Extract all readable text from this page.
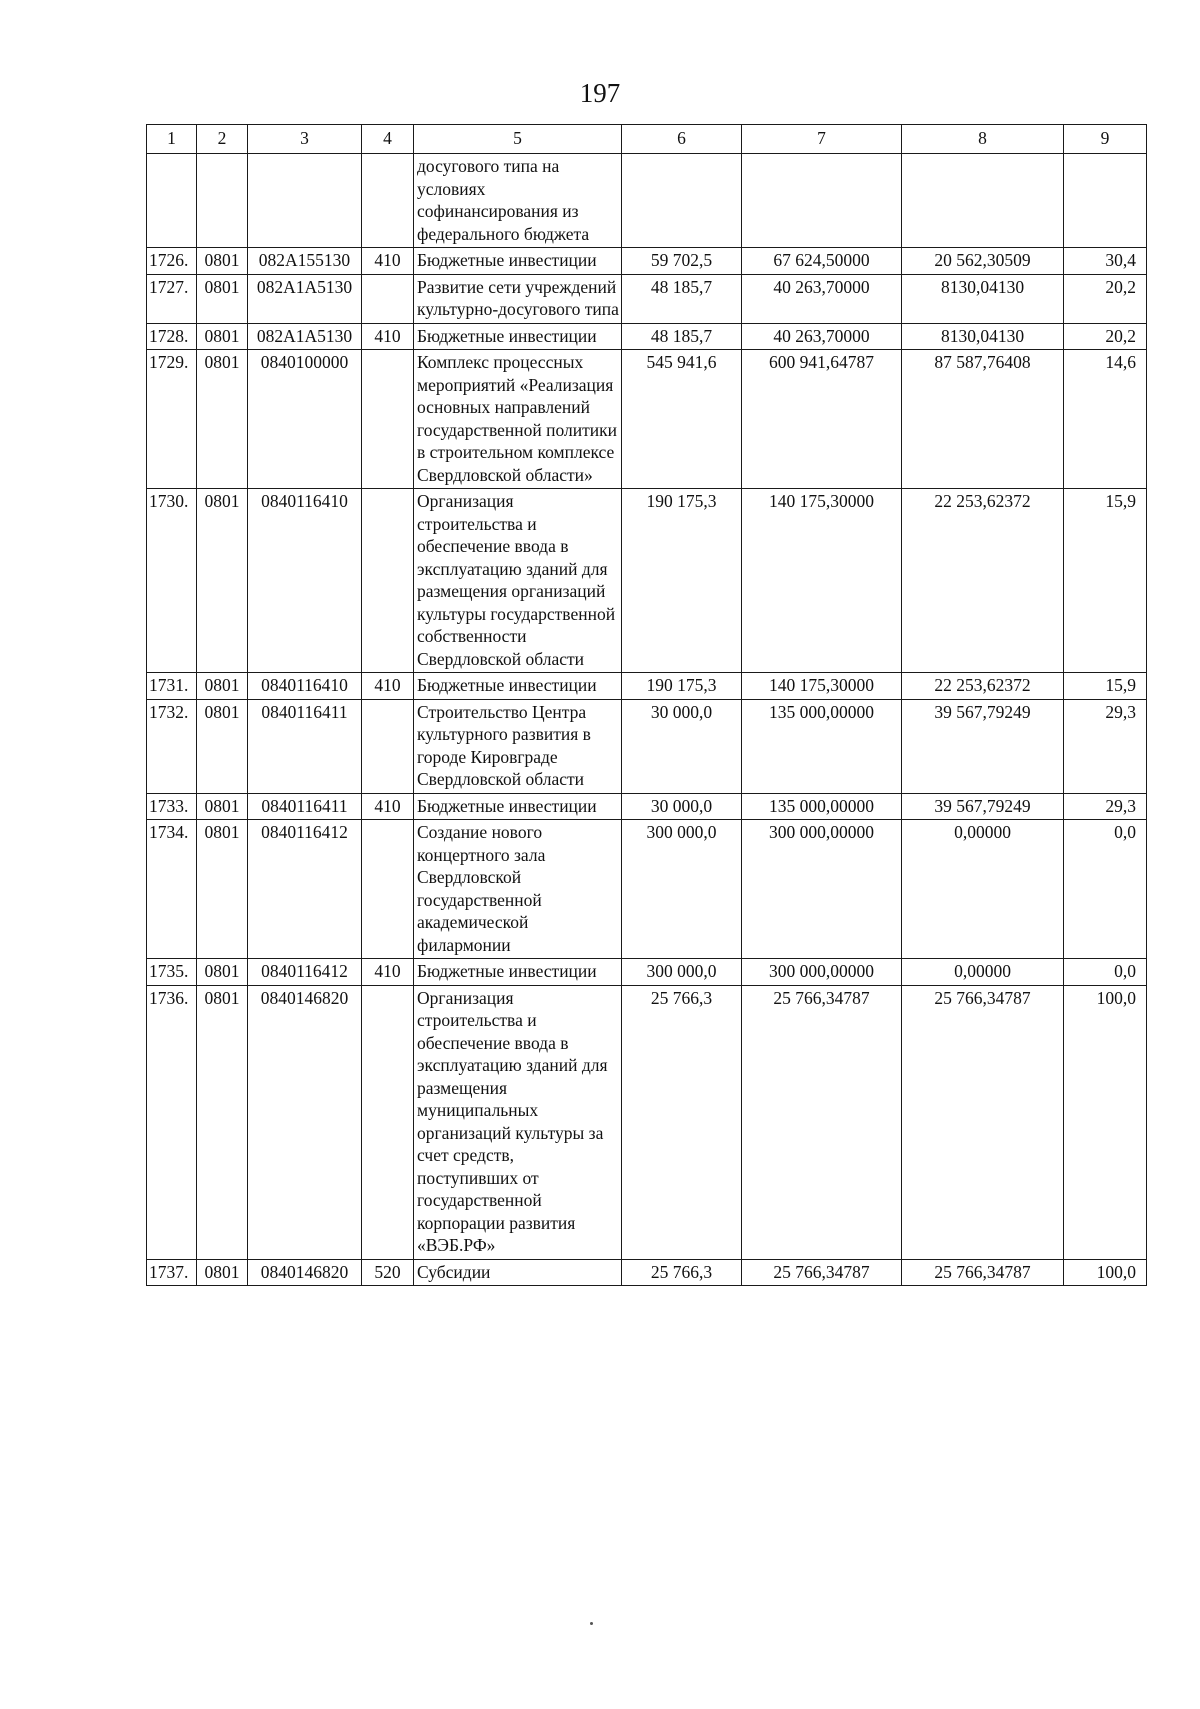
197
1	2	3	4	5	6	7	8	9
				досугового типа на условиях софинансирования из федерального бюджета				
1726.	0801	082A155130	410	Бюджетные инвестиции	59 702,5	67 624,50000	20 562,30509	30,4
1727.	0801	082A1A5130		Развитие сети учреждений культурно-досугового типа	48 185,7	40 263,70000	8130,04130	20,2
1728.	0801	082A1A5130	410	Бюджетные инвестиции	48 185,7	40 263,70000	8130,04130	20,2
1729.	0801	0840100000		Комплекс процессных мероприятий «Реализация основных направлений государственной политики в строительном комплексе Свердловской области»	545 941,6	600 941,64787	87 587,76408	14,6
1730.	0801	0840116410		Организация строительства и обеспечение ввода в эксплуатацию зданий для размещения организаций культуры государственной собственности Свердловской области	190 175,3	140 175,30000	22 253,62372	15,9
1731.	0801	0840116410	410	Бюджетные инвестиции	190 175,3	140 175,30000	22 253,62372	15,9
1732.	0801	0840116411		Строительство Центра культурного развития в городе Кировграде Свердловской области	30 000,0	135 000,00000	39 567,79249	29,3
1733.	0801	0840116411	410	Бюджетные инвестиции	30 000,0	135 000,00000	39 567,79249	29,3
1734.	0801	0840116412		Создание нового концертного зала Свердловской государственной академической филармонии	300 000,0	300 000,00000	0,00000	0,0
1735.	0801	0840116412	410	Бюджетные инвестиции	300 000,0	300 000,00000	0,00000	0,0
1736.	0801	0840146820		Организация строительства и обеспечение ввода в эксплуатацию зданий для размещения муниципальных организаций культуры за счет средств, поступивших от государственной корпорации развития «ВЭБ.РФ»	25 766,3	25 766,34787	25 766,34787	100,0
1737.	0801	0840146820	520	Субсидии	25 766,3	25 766,34787	25 766,34787	100,0
